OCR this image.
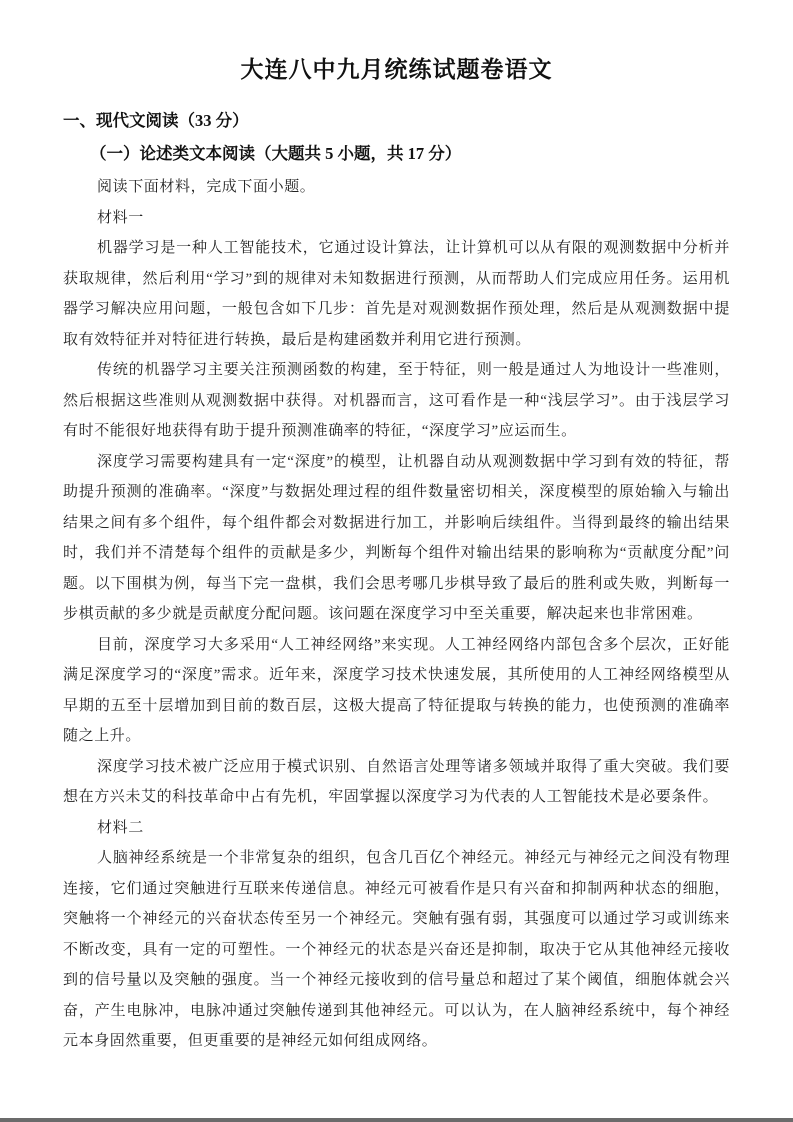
大连八中九月统练试题卷语文
一、现代文阅读（33 分）
（一）论述类文本阅读（大题共 5 小题，共 17 分）

阅读下面材料，完成下面小题。

材料一

机器学习是一种人工智能技术，它通过设计算法，让计算机可以从有限的观测数据中分析并获取规律，然后利用“学习”到的规律对未知数据进行预测，从而帮助人们完成应用任务。运用机器学习解决应用问题，一般包含如下几步：首先是对观测数据作预处理，然后是从观测数据中提取有效特征并对特征进行转换，最后是构建函数并利用它进行预测。

传统的机器学习主要关注预测函数的构建，至于特征，则一般是通过人为地设计一些准则，然后根据这些准则从观测数据中获得。对机器而言，这可看作是一种“浅层学习”。由于浅层学习有时不能很好地获得有助于提升预测准确率的特征，“深度学习”应运而生。

深度学习需要构建具有一定“深度”的模型，让机器自动从观测数据中学习到有效的特征，帮助提升预测的准确率。“深度”与数据处理过程的组件数量密切相关，深度模型的原始输入与输出结果之间有多个组件，每个组件都会对数据进行加工，并影响后续组件。当得到最终的输出结果时，我们并不清楚每个组件的贡献是多少，判断每个组件对输出结果的影响称为“贡献度分配”问题。以下围棋为例，每当下完一盘棋，我们会思考哪几步棋导致了最后的胜利或失败，判断每一步棋贡献的多少就是贡献度分配问题。该问题在深度学习中至关重要，解决起来也非常困难。

目前，深度学习大多采用“人工神经网络”来实现。人工神经网络内部包含多个层次，正好能满足深度学习的“深度”需求。近年来，深度学习技术快速发展，其所使用的人工神经网络模型从早期的五至十层增加到目前的数百层，这极大提高了特征提取与转换的能力，也使预测的准确率随之上升。

深度学习技术被广泛应用于模式识别、自然语言处理等诸多领域并取得了重大突破。我们要想在方兴未艾的科技革命中占有先机，牢固掌握以深度学习为代表的人工智能技术是必要条件。

材料二

人脑神经系统是一个非常复杂的组织，包含几百亿个神经元。神经元与神经元之间没有物理连接，它们通过突触进行互联来传递信息。神经元可被看作是只有兴奋和抑制两种状态的细胞，突触将一个神经元的兴奋状态传至另一个神经元。突触有强有弱，其强度可以通过学习或训练来不断改变，具有一定的可塑性。一个神经元的状态是兴奋还是抑制，取决于它从其他神经元接收到的信号量以及突触的强度。当一个神经元接收到的信号量总和超过了某个阈值，细胞体就会兴奋，产生电脉冲，电脉冲通过突触传递到其他神经元。可以认为，在人脑神经系统中，每个神经元本身固然重要，但更重要的是神经元如何组成网络。
